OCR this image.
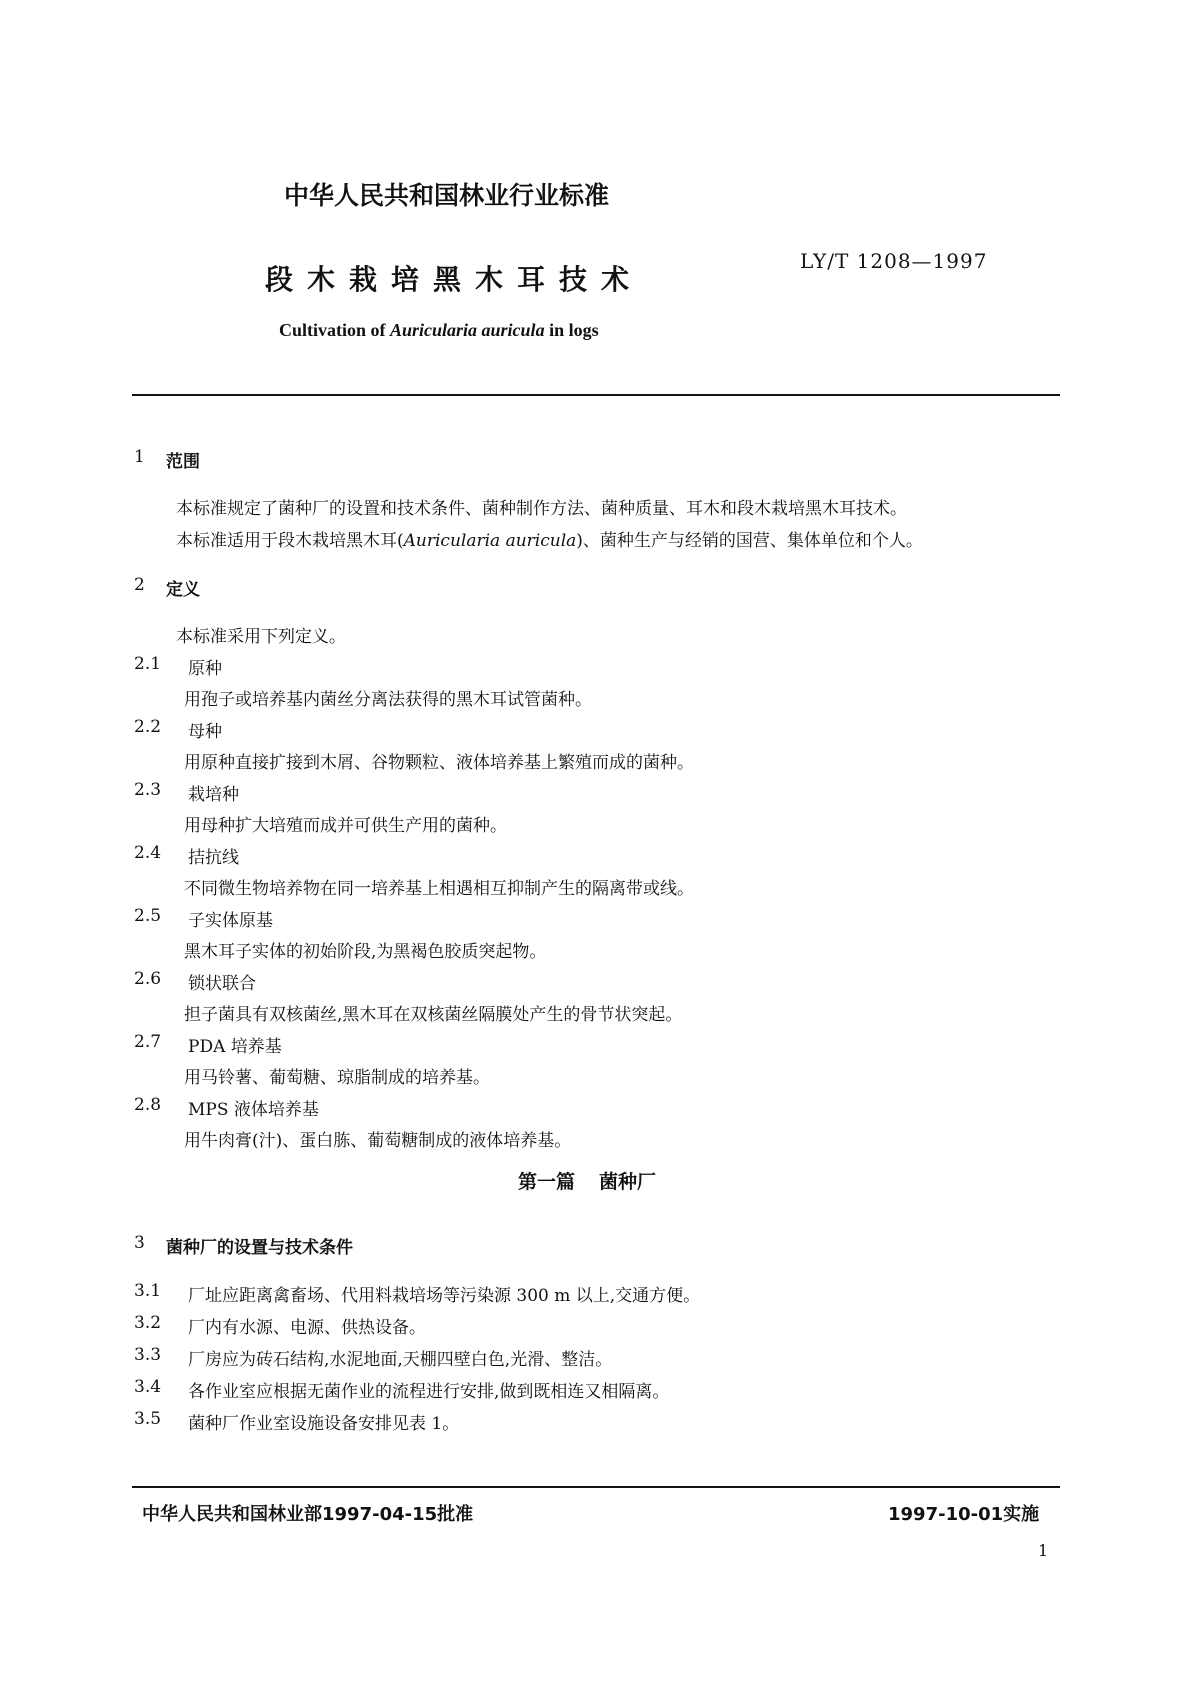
中华人民共和国林业行业标准
段木栽培黑木耳技术
LY/T 1208—1997
Cultivation of Auricularia auricula in logs
1 范围
本标准规定了菌种厂的设置和技术条件、菌种制作方法、菌种质量、耳木和段木栽培黑木耳技术。
本标准适用于段木栽培黑木耳(Auricularia auricula)、菌种生产与经销的国营、集体单位和个人。
2 定义
本标准采用下列定义。
2.1 原种
用孢子或培养基内菌丝分离法获得的黑木耳试管菌种。
2.2 母种
用原种直接扩接到木屑、谷物颗粒、液体培养基上繁殖而成的菌种。
2.3 栽培种
用母种扩大培殖而成并可供生产用的菌种。
2.4 拮抗线
不同微生物培养物在同一培养基上相遇相互抑制产生的隔离带或线。
2.5 子实体原基
黑木耳子实体的初始阶段,为黑褐色胶质突起物。
2.6 锁状联合
担子菌具有双核菌丝,黑木耳在双核菌丝隔膜处产生的骨节状突起。
2.7 PDA 培养基
用马铃薯、葡萄糖、琼脂制成的培养基。
2.8 MPS 液体培养基
用牛肉膏(汁)、蛋白胨、葡萄糖制成的液体培养基。
第一篇 菌种厂
3 菌种厂的设置与技术条件
3.1 厂址应距离禽畜场、代用料栽培场等污染源 300 m 以上,交通方便。
3.2 厂内有水源、电源、供热设备。
3.3 厂房应为砖石结构,水泥地面,天棚四壁白色,光滑、整洁。
3.4 各作业室应根据无菌作业的流程进行安排,做到既相连又相隔离。
3.5 菌种厂作业室设施设备安排见表 1。
中华人民共和国林业部1997-04-15批准	1997-10-01实施
1
